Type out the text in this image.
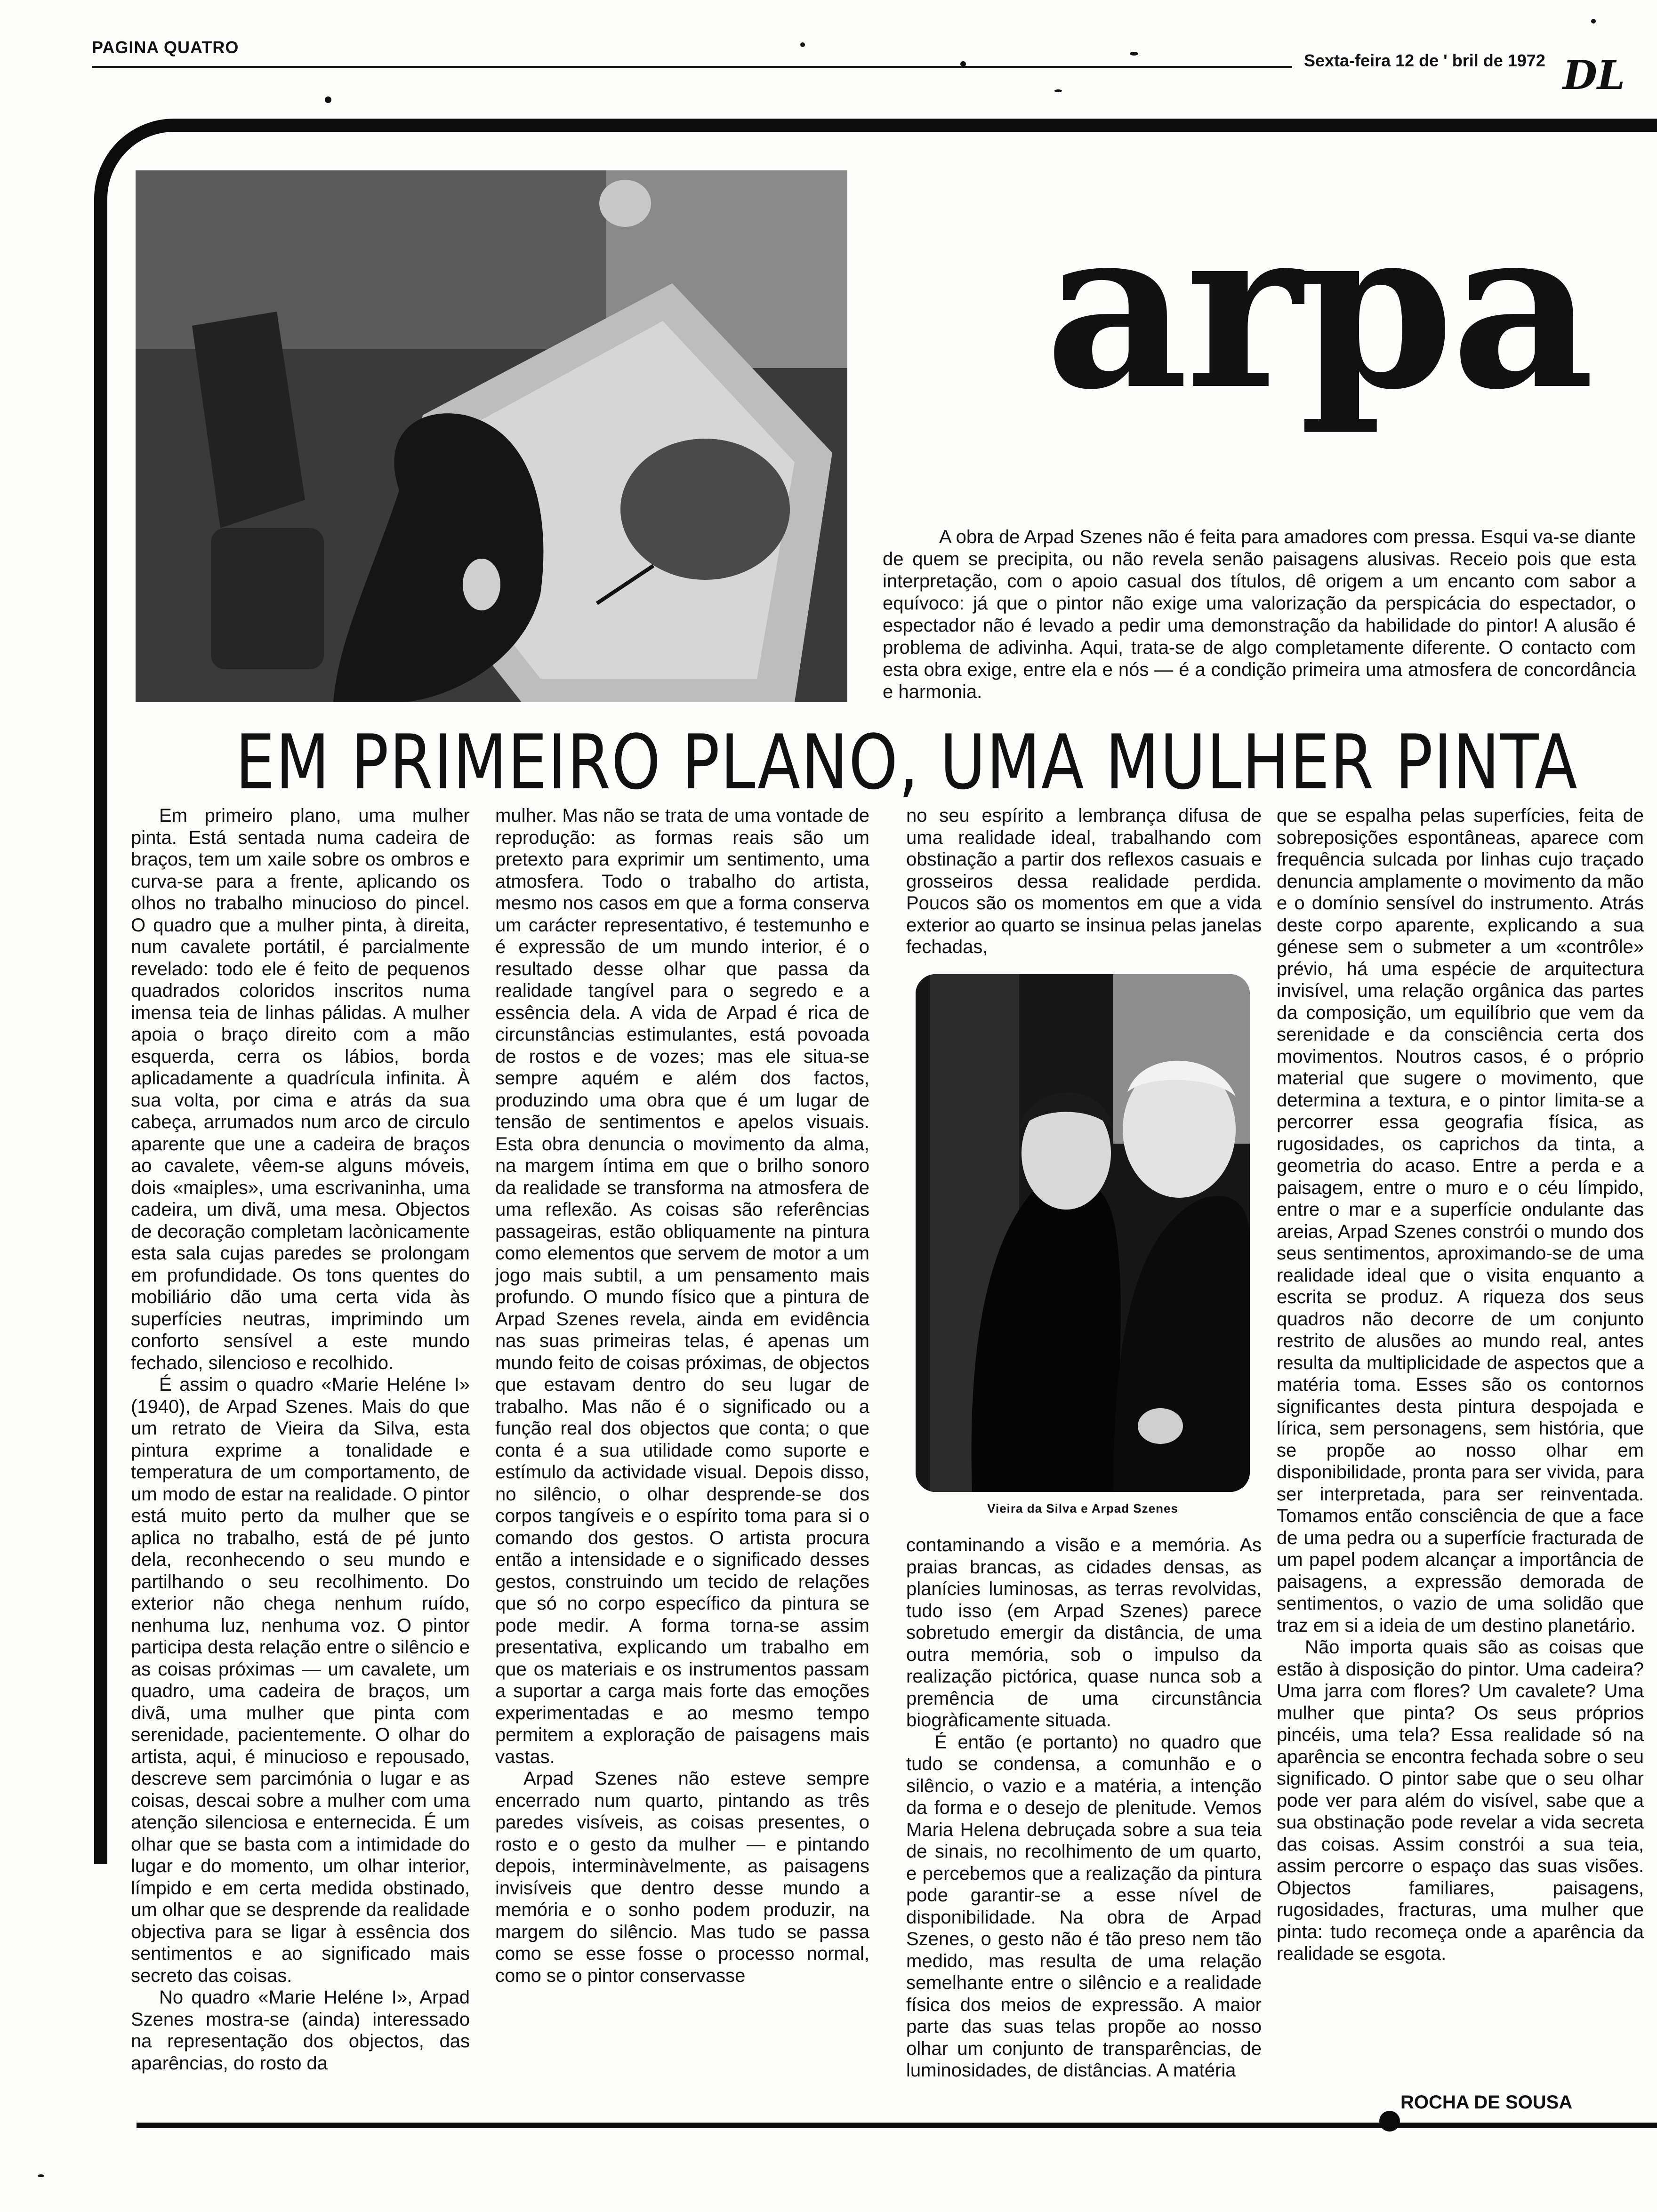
PAGINA QUATRO
Sexta-feira 12 de ' bril de 1972 DL
arpa

A obra de Arpad Szenes não é feita para amadores com pressa. Esqui va-se diante de quem se precipita, ou não revela senão paisagens alusivas. Receio pois que esta interpretação, com o apoio casual dos títulos, dê origem a um encanto com sabor a equívoco: já que o pintor não exige uma valorização da perspicácia do espectador, o espectador não é levado a pedir uma demonstração da habilidade do pintor! A alusão é problema de adivinha. Aqui, trata-se de algo completamente diferente. O contacto com esta obra exige, entre ela e nós — é a condição primeira uma atmosfera de concordância e harmonia.

EM PRIMEIRO PLANO, UMA MULHER PINTA

Em primeiro plano, uma mulher pinta. Está sentada numa cadeira de braços, tem um xaile sobre os ombros e curva-se para a frente, aplicando os olhos no trabalho minucioso do pincel. O quadro que a mulher pinta, à direita, num cavalete portátil, é parcialmente revelado: todo ele é feito de pequenos quadrados coloridos inscritos numa imensa teia de linhas pálidas. A mulher apoia o braço direito com a mão esquerda, cerra os lábios, borda aplicadamente a quadrícula infinita. À sua volta, por cima e atrás da sua cabeça, arrumados num arco de circulo aparente que une a cadeira de braços ao cavalete, vêem-se alguns móveis, dois «maiples», uma escrivaninha, uma cadeira, um divã, uma mesa. Objectos de decoração completam lacònicamente esta sala cujas paredes se prolongam em profundidade. Os tons quentes do mobiliário dão uma certa vida às superfícies neutras, imprimindo um conforto sensível a este mundo fechado, silencioso e recolhido.

É assim o quadro «Marie Heléne I» (1940), de Arpad Szenes. Mais do que um retrato de Vieira da Silva, esta pintura exprime a tonalidade e temperatura de um comportamento, de um modo de estar na realidade. O pintor está muito perto da mulher que se aplica no trabalho, está de pé junto dela, reconhecendo o seu mundo e partilhando o seu recolhimento. Do exterior não chega nenhum ruído, nenhuma luz, nenhuma voz. O pintor participa desta relação entre o silêncio e as coisas próximas — um cavalete, um quadro, uma cadeira de braços, um divã, uma mulher que pinta com serenidade, pacientemente. O olhar do artista, aqui, é minucioso e repousado, descreve sem parcimónia o lugar e as coisas, descai sobre a mulher com uma atenção silenciosa e enternecida. É um olhar que se basta com a intimidade do lugar e do momento, um olhar interior, límpido e em certa medida obstinado, um olhar que se desprende da realidade objectiva para se ligar à essência dos sentimentos e ao significado mais secreto das coisas.

No quadro «Marie Heléne I», Arpad Szenes mostra-se (ainda) interessado na representação dos objectos, das aparências, do rosto da

mulher. Mas não se trata de uma vontade de reprodução: as formas reais são um pretexto para exprimir um sentimento, uma atmosfera. Todo o trabalho do artista, mesmo nos casos em que a forma conserva um carácter representativo, é testemunho e é expressão de um mundo interior, é o resultado desse olhar que passa da realidade tangível para o segredo e a essência dela. A vida de Arpad é rica de circunstâncias estimulantes, está povoada de rostos e de vozes; mas ele situa-se sempre aquém e além dos factos, produzindo uma obra que é um lugar de tensão de sentimentos e apelos visuais. Esta obra denuncia o movimento da alma, na margem íntima em que o brilho sonoro da realidade se transforma na atmosfera de uma reflexão. As coisas são referências passageiras, estão obliquamente na pintura como elementos que servem de motor a um jogo mais subtil, a um pensamento mais profundo. O mundo físico que a pintura de Arpad Szenes revela, ainda em evidência nas suas primeiras telas, é apenas um mundo feito de coisas próximas, de objectos que estavam dentro do seu lugar de trabalho. Mas não é o significado ou a função real dos objectos que conta; o que conta é a sua utilidade como suporte e estímulo da actividade visual. Depois disso, no silêncio, o olhar desprende-se dos corpos tangíveis e o espírito toma para si o comando dos gestos. O artista procura então a intensidade e o significado desses gestos, construindo um tecido de relações que só no corpo específico da pintura se pode medir. A forma torna-se assim presentativa, explicando um trabalho em que os materiais e os instrumentos passam a suportar a carga mais forte das emoções experimentadas e ao mesmo tempo permitem a exploração de paisagens mais vastas.

Arpad Szenes não esteve sempre encerrado num quarto, pintando as três paredes visíveis, as coisas presentes, o rosto e o gesto da mulher — e pintando depois, interminàvelmente, as paisagens invisíveis que dentro desse mundo a memória e o sonho podem produzir, na margem do silêncio. Mas tudo se passa como se esse fosse o processo normal, como se o pintor conservasse

no seu espírito a lembrança difusa de uma realidade ideal, trabalhando com obstinação a partir dos reflexos casuais e grosseiros dessa realidade perdida. Poucos são os momentos em que a vida exterior ao quarto se insinua pelas janelas fechadas,

Vieira da Silva e Arpad Szenes

contaminando a visão e a memória. As praias brancas, as cidades densas, as planícies luminosas, as terras revolvidas, tudo isso (em Arpad Szenes) parece sobretudo emergir da distância, de uma outra memória, sob o impulso da realização pictórica, quase nunca sob a premência de uma circunstância biogràficamente situada.

É então (e portanto) no quadro que tudo se condensa, a comunhão e o silêncio, o vazio e a matéria, a intenção da forma e o desejo de plenitude. Vemos Maria Helena debruçada sobre a sua teia de sinais, no recolhimento de um quarto, e percebemos que a realização da pintura pode garantir-se a esse nível de disponibilidade. Na obra de Arpad Szenes, o gesto não é tão preso nem tão medido, mas resulta de uma relação semelhante entre o silêncio e a realidade física dos meios de expressão. A maior parte das suas telas propõe ao nosso olhar um conjunto de transparências, de luminosidades, de distâncias. A matéria

que se espalha pelas superfícies, feita de sobreposições espontâneas, aparece com frequência sulcada por linhas cujo traçado denuncia amplamente o movimento da mão e o domínio sensível do instrumento. Atrás deste corpo aparente, explicando a sua génese sem o submeter a um «contrôle» prévio, há uma espécie de arquitectura invisível, uma relação orgânica das partes da composição, um equilíbrio que vem da serenidade e da consciência certa dos movimentos. Noutros casos, é o próprio material que sugere o movimento, que determina a textura, e o pintor limita-se a percorrer essa geografia física, as rugosidades, os caprichos da tinta, a geometria do acaso. Entre a perda e a paisagem, entre o muro e o céu límpido, entre o mar e a superfície ondulante das areias, Arpad Szenes constrói o mundo dos seus sentimentos, aproximando-se de uma realidade ideal que o visita enquanto a escrita se produz. A riqueza dos seus quadros não decorre de um conjunto restrito de alusões ao mundo real, antes resulta da multiplicidade de aspectos que a matéria toma. Esses são os contornos significantes desta pintura despojada e lírica, sem personagens, sem história, que se propõe ao nosso olhar em disponibilidade, pronta para ser vivida, para ser interpretada, para ser reinventada. Tomamos então consciência de que a face de uma pedra ou a superfície fracturada de um papel podem alcançar a importância de paisagens, a expressão demorada de sentimentos, o vazio de uma solidão que traz em si a ideia de um destino planetário.

Não importa quais são as coisas que estão à disposição do pintor. Uma cadeira? Uma jarra com flores? Um cavalete? Uma mulher que pinta? Os seus próprios pincéis, uma tela? Essa realidade só na aparência se encontra fechada sobre o seu significado. O pintor sabe que o seu olhar pode ver para além do visível, sabe que a sua obstinação pode revelar a vida secreta das coisas. Assim constrói a sua teia, assim percorre o espaço das suas visões. Objectos familiares, paisagens, rugosidades, fracturas, uma mulher que pinta: tudo recomeça onde a aparência da realidade se esgota.

ROCHA DE SOUSA
